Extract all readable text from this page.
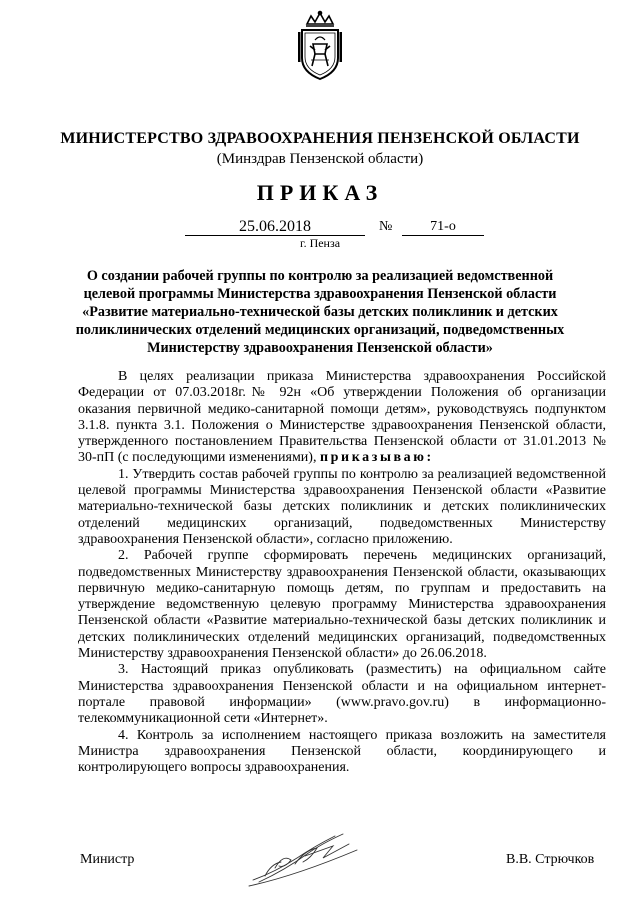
МИНИСТЕРСТВО ЗДРАВООХРАНЕНИЯ ПЕНЗЕНСКОЙ ОБЛАСТИ
(Минздрав Пензенской области)
ПРИКАЗ
25.06.2018	№	71-о
г. Пенза
О создании рабочей группы по контролю за реализацией ведомственной целевой программы Министерства здравоохранения Пензенской области «Развитие материально-технической базы детских поликлиник и детских поликлинических отделений медицинских организаций, подведомственных Министерству здравоохранения Пензенской области»

В целях реализации приказа Министерства здравоохранения Российской Федерации от 07.03.2018г.№ 92н «Об утверждении Положения об организации оказания первичной медико-санитарной помощи детям», руководствуясь подпунктом 3.1.8. пункта 3.1. Положения о Министерстве здравоохранения Пензенской области, утвержденного постановлением Правительства Пензенской области от 31.01.2013 № 30-пП (с последующими изменениями), приказываю:

1. Утвердить состав рабочей группы по контролю за реализацией ведомственной целевой программы Министерства здравоохранения Пензенской области «Развитие материально-технической базы детских поликлиник и детских поликлинических отделений медицинских организаций, подведомственных Министерству здравоохранения Пензенской области», согласно приложению.

2. Рабочей группе сформировать перечень медицинских организаций, подведомственных Министерству здравоохранения Пензенской области, оказывающих первичную медико-санитарную помощь детям, по группам и предоставить на утверждение ведомственную целевую программу Министерства здравоохранения Пензенской области «Развитие материально-технической базы детских поликлиник и детских поликлинических отделений медицинских организаций, подведомственных Министерству здравоохранения Пензенской области» до 26.06.2018.

3. Настоящий приказ опубликовать (разместить) на официальном сайте Министерства здравоохранения Пензенской области и на официальном интернет-портале правовой информации» (www.pravo.gov.ru) в информационно-телекоммуникационной сети «Интернет».

4. Контроль за исполнением настоящего приказа возложить на заместителя Министра здравоохранения Пензенской области, координирующего и контролирующего вопросы здравоохранения.

Министр	В.В. Стрючков
